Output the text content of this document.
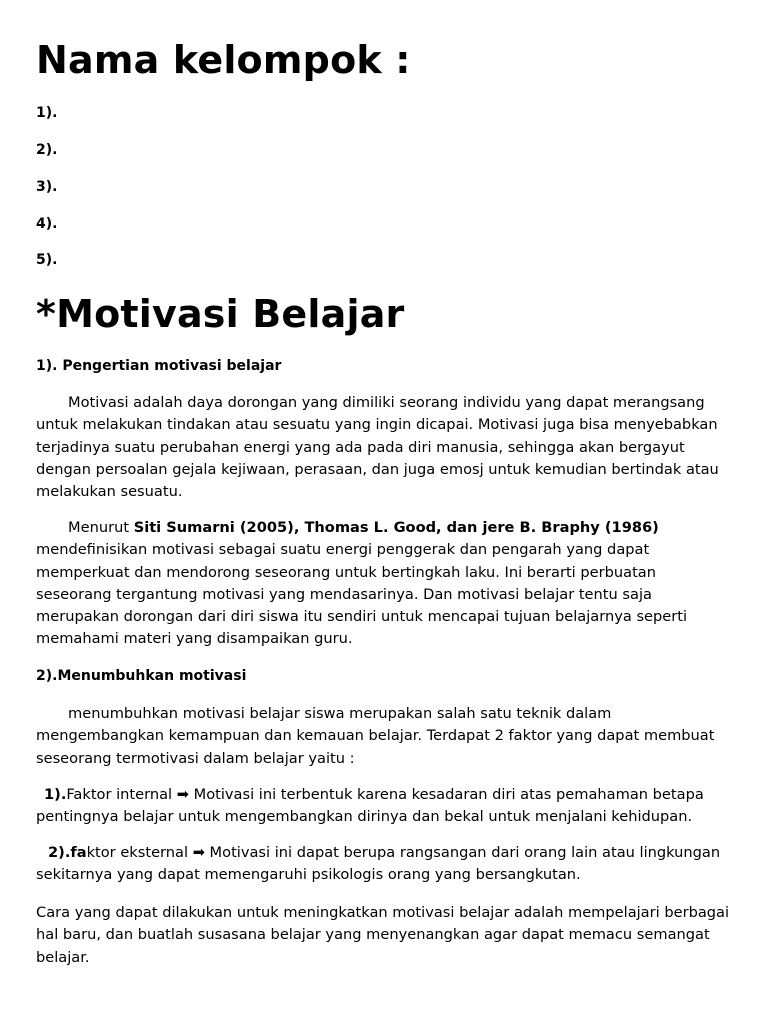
Nama kelompok :
1).
2).
3).
4).
5).
*Motivasi Belajar
1). Pengertian motivasi belajar

Motivasi adalah daya dorongan yang dimiliki seorang individu yang dapat merangsang untuk melakukan tindakan atau sesuatu yang ingin dicapai. Motivasi juga bisa menyebabkan terjadinya suatu perubahan energi yang ada pada diri manusia, sehingga akan bergayut dengan persoalan gejala kejiwaan, perasaan, dan juga emosj untuk kemudian bertindak atau melakukan sesuatu.

Menurut Siti Sumarni (2005), Thomas L. Good, dan jere B. Braphy (1986) mendefinisikan motivasi sebagai suatu energi penggerak dan pengarah yang dapat memperkuat dan mendorong seseorang untuk bertingkah laku. Ini berarti perbuatan seseorang tergantung motivasi yang mendasarinya. Dan motivasi belajar tentu saja merupakan dorongan dari diri siswa itu sendiri untuk mencapai tujuan belajarnya seperti memahami materi yang disampaikan guru.

2).Menumbuhkan motivasi

menumbuhkan motivasi belajar siswa merupakan salah satu teknik dalam mengembangkan kemampuan dan kemauan belajar. Terdapat 2 faktor yang dapat membuat seseorang termotivasi dalam belajar yaitu :

1).Faktor internal ➡ Motivasi ini terbentuk karena kesadaran diri atas pemahaman betapa pentingnya belajar untuk mengembangkan dirinya dan bekal untuk menjalani kehidupan.

2).faktor eksternal ➡ Motivasi ini dapat berupa rangsangan dari orang lain atau lingkungan sekitarnya yang dapat memengaruhi psikologis orang yang bersangkutan.

Cara yang dapat dilakukan untuk meningkatkan motivasi belajar adalah mempelajari berbagai hal baru, dan buatlah susasana belajar yang menyenangkan agar dapat memacu semangat belajar.
